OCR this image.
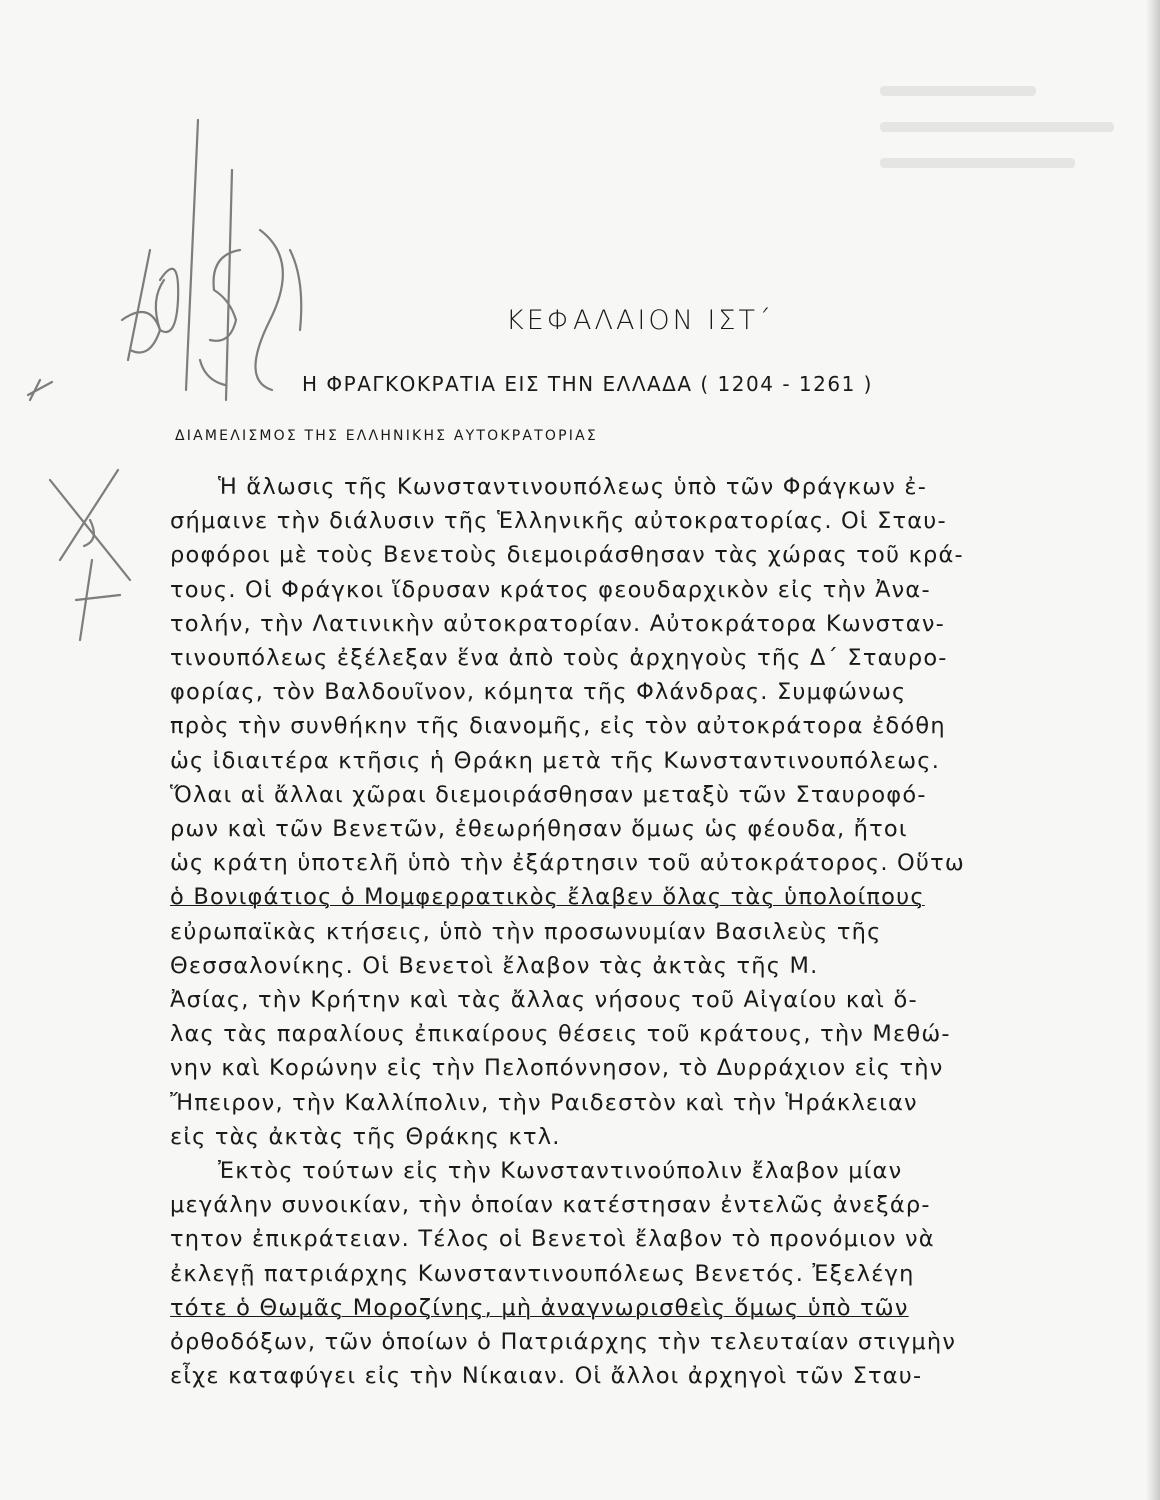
40/5/51	ΚΕΦΑΛΑΙΟΝ ΙΣΤ΄
Η ΦΡΑΓΚΟΚΡΑΤΙΑ ΕΙΣ ΤΗΝ ΕΛΛΑΔΑ ( 1204 - 1261 )
ΔΙΑΜΕΛΙΣΜΟΣ ΤΗΣ ΕΛΛΗΝΙΚΗΣ ΑΥΤΟΚΡΑΤΟΡΙΑΣ
Ἡ ἅλωσις τῆς Κωνσταντινουπόλεως ὑπὸ τῶν Φράγκων ἐ-
σήμαινε τὴν διάλυσιν τῆς Ἑλληνικῆς αὐτοκρατορίας. Οἱ Σταυ-
ροφόροι μὲ τοὺς Βενετοὺς διεμοιράσθησαν τὰς χώρας τοῦ κρά-
τους. Οἱ Φράγκοι ἵδρυσαν κράτος φεουδαρχικὸν εἰς τὴν Ἀνα-
τολήν, τὴν Λατινικὴν αὐτοκρατορίαν. Αὐτοκράτορα Κωνσταν-
τινουπόλεως ἐξέλεξαν ἕνα ἀπὸ τοὺς ἀρχηγοὺς τῆς Δ΄ Σταυρο-
φορίας, τὸν Βαλδουῖνον, κόμητα τῆς Φλάνδρας. Συμφώνως
πρὸς τὴν συνθήκην τῆς διανομῆς, εἰς τὸν αὐτοκράτορα ἐδόθη
ὡς ἰδιαιτέρα κτῆσις ἡ Θράκη μετὰ τῆς Κωνσταντινουπόλεως.
Ὅλαι αἱ ἄλλαι χῶραι διεμοιράσθησαν μεταξὺ τῶν Σταυροφό-
ρων καὶ τῶν Βενετῶν, ἐθεωρήθησαν ὅμως ὡς φέουδα, ἤτοι
ὡς κράτη ὑποτελῆ ὑπὸ τὴν ἐξάρτησιν τοῦ αὐτοκράτορος. Οὕτω
ὁ Βονιφάτιος ὁ Μομφερρατικὸς ἔλαβεν ὅλας τὰς ὑπολοίπους
εὐρωπαϊκὰς κτήσεις, ὑπὸ τὴν προσωνυμίαν Βασιλεὺς τῆς
Θεσσαλονίκης. Οἱ Βενετοὶ ἔλαβον τὰς ἀκτὰς τῆς Μ.
Ἀσίας, τὴν Κρήτην καὶ τὰς ἄλλας νήσους τοῦ Αἰγαίου καὶ ὅ-
λας τὰς παραλίους ἐπικαίρους θέσεις τοῦ κράτους, τὴν Μεθώ-
νην καὶ Κορώνην εἰς τὴν Πελοπόννησον, τὸ Δυρράχιον εἰς τὴν
Ἤπειρον, τὴν Καλλίπολιν, τὴν Ραιδεστὸν καὶ τὴν Ἡράκλειαν
εἰς τὰς ἀκτὰς τῆς Θράκης κτλ.
Ἐκτὸς τούτων εἰς τὴν Κωνσταντινούπολιν ἔλαβον μίαν
μεγάλην συνοικίαν, τὴν ὁποίαν κατέστησαν ἐντελῶς ἀνεξάρ-
τητον ἐπικράτειαν. Τέλος οἱ Βενετοὶ ἔλαβον τὸ προνόμιον νὰ
ἐκλεγῇ πατριάρχης Κωνσταντινουπόλεως Βενετός. Ἐξελέγη
τότε ὁ Θωμᾶς Μοροζίνης, μὴ ἀναγνωρισθεὶς ὅμως ὑπὸ τῶν
ὀρθοδόξων, τῶν ὁποίων ὁ Πατριάρχης τὴν τελευταίαν στιγμὴν
εἶχε καταφύγει εἰς τὴν Νίκαιαν. Οἱ ἄλλοι ἀρχηγοὶ τῶν Σταυ-
